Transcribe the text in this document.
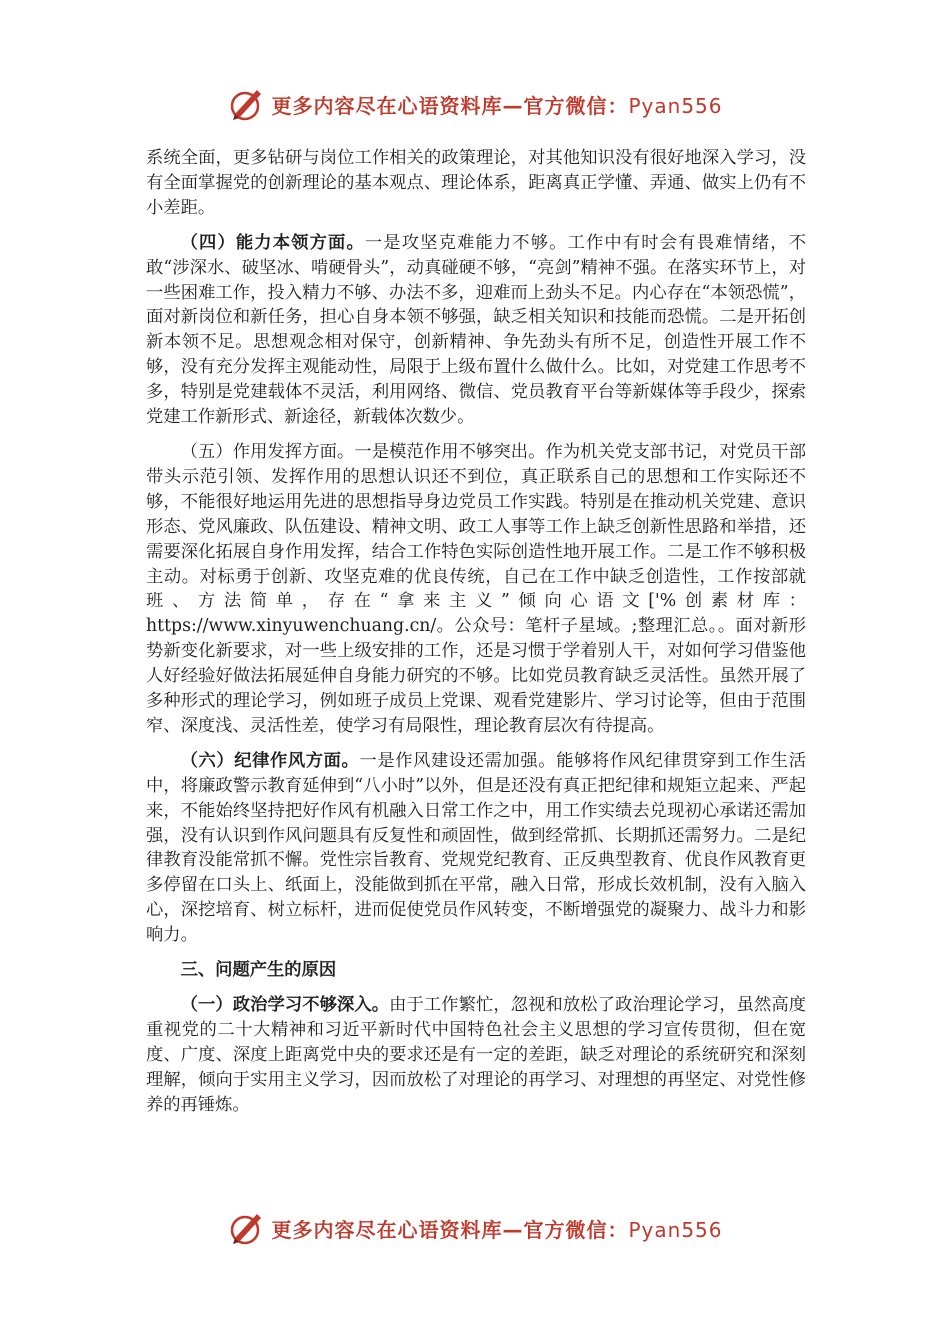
更多内容尽在心语资料库—官方微信：Pyan556

系统全面，更多钻研与岗位工作相关的政策理论，对其他知识没有很好地深入学习，没有全面掌握党的创新理论的基本观点、理论体系，距离真正学懂、弄通、做实上仍有不小差距。

（四）能力本领方面。一是攻坚克难能力不够。工作中有时会有畏难情绪，不敢“涉深水、破坚冰、啃硬骨头”，动真碰硬不够，“亮剑”精神不强。在落实环节上，对一些困难工作，投入精力不够、办法不多，迎难而上劲头不足。内心存在“本领恐慌”，面对新岗位和新任务，担心自身本领不够强，缺乏相关知识和技能而恐慌。二是开拓创新本领不足。思想观念相对保守，创新精神、争先劲头有所不足，创造性开展工作不够，没有充分发挥主观能动性，局限于上级布置什么做什么。比如，对党建工作思考不多，特别是党建载体不灵活，利用网络、微信、党员教育平台等新媒体等手段少，探索党建工作新形式、新途径，新载体次数少。

（五）作用发挥方面。一是模范作用不够突出。作为机关党支部书记，对党员干部带头示范引领、发挥作用的思想认识还不到位，真正联系自己的思想和工作实际还不够，不能很好地运用先进的思想指导身边党员工作实践。特别是在推动机关党建、意识形态、党风廉政、队伍建设、精神文明、政工人事等工作上缺乏创新性思路和举措，还需要深化拓展自身作用发挥，结合工作特色实际创造性地开展工作。二是工作不够积极主动。对标勇于创新、攻坚克难的优良传统，自己在工作中缺乏创造性，工作按部就班、方法简单，存在“拿来主义”倾向心语文['%创素材库：https://www.xinyuwenchuang.cn/。公众号：笔杆子星域。;整理汇总。。面对新形势新变化新要求，对一些上级安排的工作，还是习惯于学着别人干，对如何学习借鉴他人好经验好做法拓展延伸自身能力研究的不够。比如党员教育缺乏灵活性。虽然开展了多种形式的理论学习，例如班子成员上党课、观看党建影片、学习讨论等，但由于范围窄、深度浅、灵活性差，使学习有局限性，理论教育层次有待提高。

（六）纪律作风方面。一是作风建设还需加强。能够将作风纪律贯穿到工作生活中，将廉政警示教育延伸到“八小时”以外，但是还没有真正把纪律和规矩立起来、严起来，不能始终坚持把好作风有机融入日常工作之中，用工作实绩去兑现初心承诺还需加强，没有认识到作风问题具有反复性和顽固性，做到经常抓、长期抓还需努力。二是纪律教育没能常抓不懈。党性宗旨教育、党规党纪教育、正反典型教育、优良作风教育更多停留在口头上、纸面上，没能做到抓在平常，融入日常，形成长效机制，没有入脑入心，深挖培育、树立标杆，进而促使党员作风转变，不断增强党的凝聚力、战斗力和影响力。

三、问题产生的原因

（一）政治学习不够深入。由于工作繁忙，忽视和放松了政治理论学习，虽然高度重视党的二十大精神和习近平新时代中国特色社会主义思想的学习宣传贯彻，但在宽度、广度、深度上距离党中央的要求还是有一定的差距，缺乏对理论的系统研究和深刻理解，倾向于实用主义学习，因而放松了对理论的再学习、对理想的再坚定、对党性修养的再锤炼。

更多内容尽在心语资料库—官方微信：Pyan556
